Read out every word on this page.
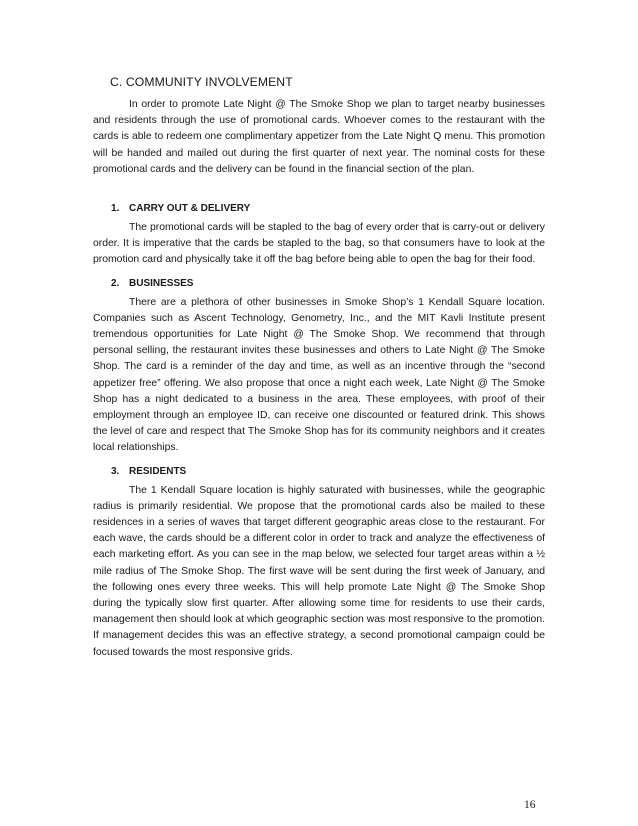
C. COMMUNITY INVOLVEMENT

In order to promote Late Night @ The Smoke Shop we plan to target nearby businesses and residents through the use of promotional cards. Whoever comes to the restaurant with the cards is able to redeem one complimentary appetizer from the Late Night Q menu. This promotion will be handed and mailed out during the first quarter of next year. The nominal costs for these promotional cards and the delivery can be found in the financial section of the plan.

1. CARRY OUT & DELIVERY

The promotional cards will be stapled to the bag of every order that is carry-out or delivery order. It is imperative that the cards be stapled to the bag, so that consumers have to look at the promotion card and physically take it off the bag before being able to open the bag for their food.

2. BUSINESSES

There are a plethora of other businesses in Smoke Shop’s 1 Kendall Square location. Companies such as Ascent Technology, Genometry, Inc., and the MIT Kavli Institute present tremendous opportunities for Late Night @ The Smoke Shop. We recommend that through personal selling, the restaurant invites these businesses and others to Late Night @ The Smoke Shop. The card is a reminder of the day and time, as well as an incentive through the “second appetizer free” offering. We also propose that once a night each week, Late Night @ The Smoke Shop has a night dedicated to a business in the area. These employees, with proof of their employment through an employee ID, can receive one discounted or featured drink. This shows the level of care and respect that The Smoke Shop has for its community neighbors and it creates local relationships.

3. RESIDENTS

The 1 Kendall Square location is highly saturated with businesses, while the geographic radius is primarily residential. We propose that the promotional cards also be mailed to these residences in a series of waves that target different geographic areas close to the restaurant. For each wave, the cards should be a different color in order to track and analyze the effectiveness of each marketing effort. As you can see in the map below, we selected four target areas within a ½ mile radius of The Smoke Shop. The first wave will be sent during the first week of January, and the following ones every three weeks. This will help promote Late Night @ The Smoke Shop during the typically slow first quarter. After allowing some time for residents to use their cards, management then should look at which geographic section was most responsive to the promotion. If management decides this was an effective strategy, a second promotional campaign could be focused towards the most responsive grids.

16
